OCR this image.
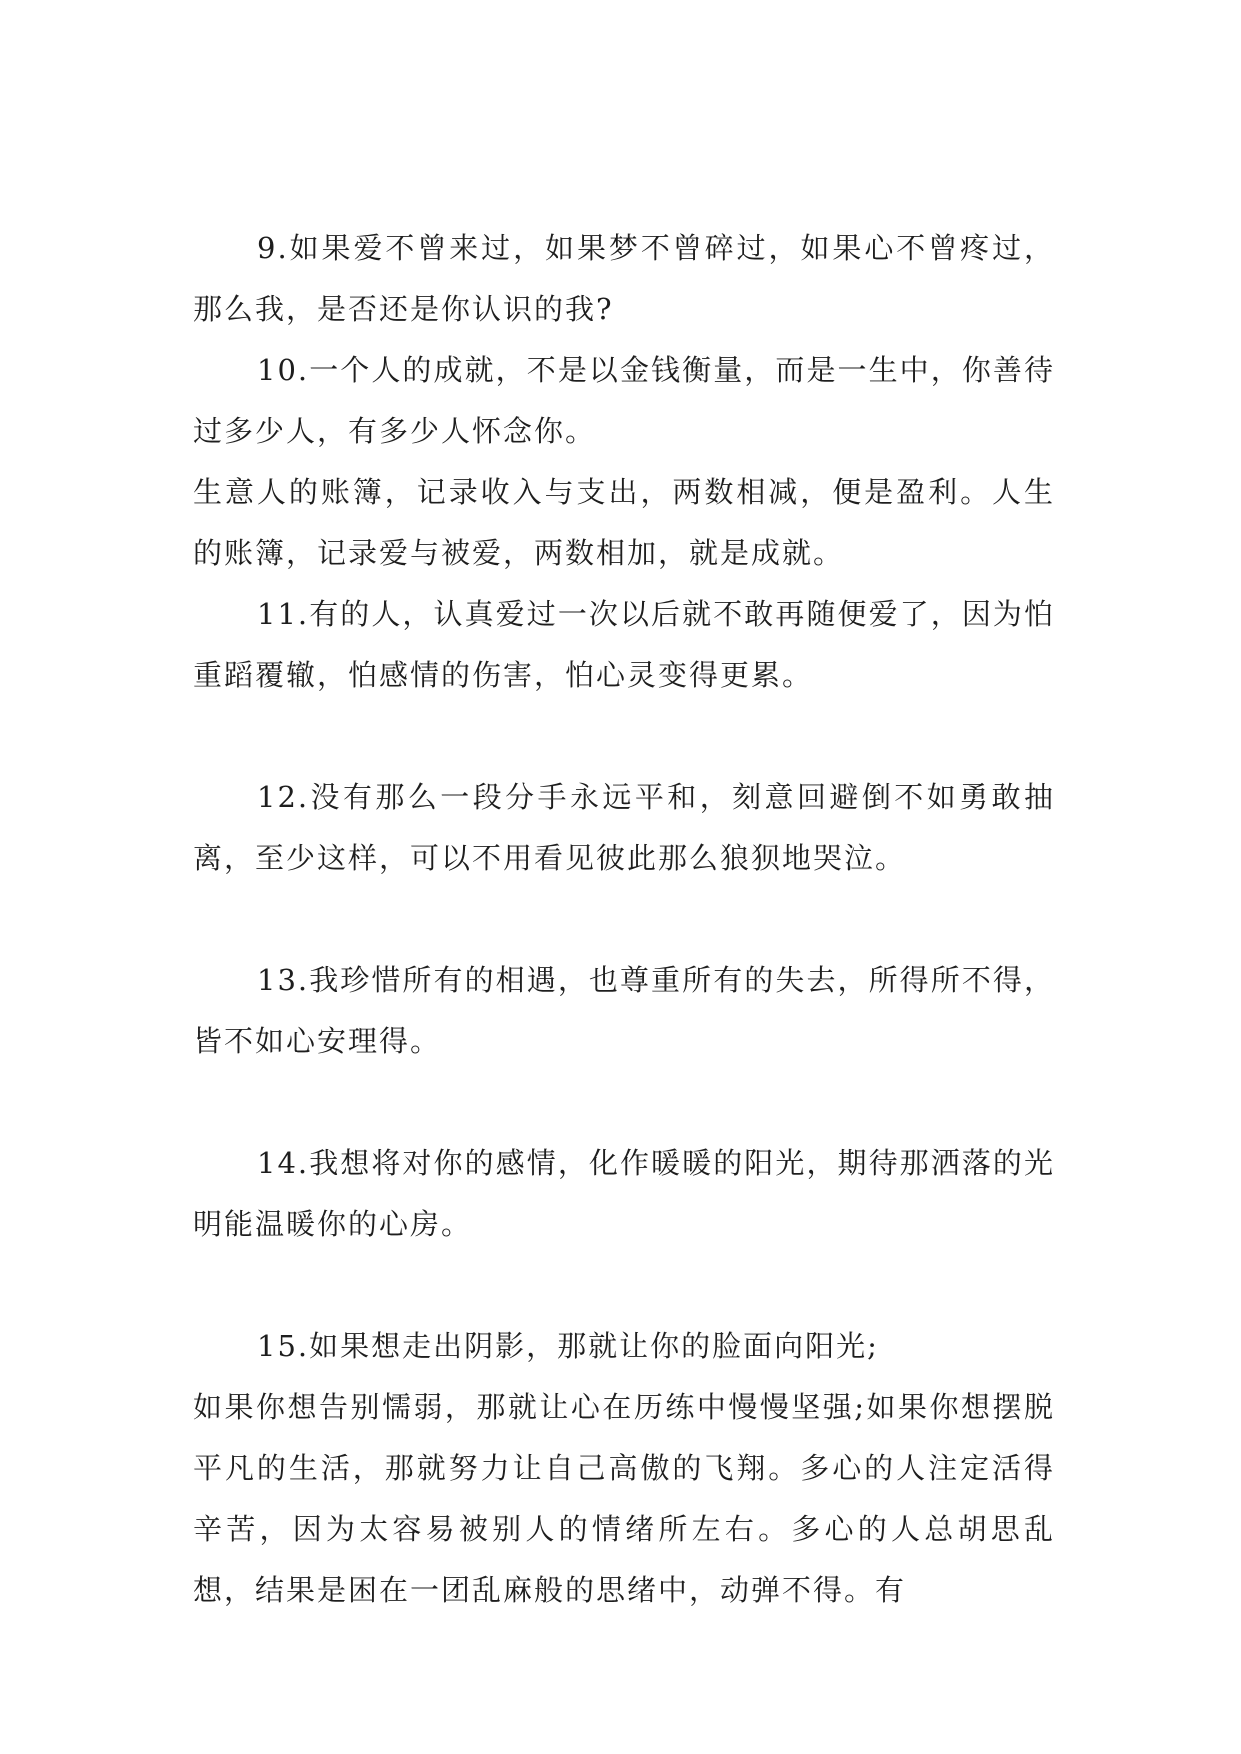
9.如果爱不曾来过，如果梦不曾碎过，如果心不曾疼过，那么我，是否还是你认识的我?

10.一个人的成就，不是以金钱衡量，而是一生中，你善待过多少人，有多少人怀念你。

生意人的账簿，记录收入与支出，两数相减，便是盈利。人生的账簿，记录爱与被爱，两数相加，就是成就。

11.有的人，认真爱过一次以后就不敢再随便爱了，因为怕重蹈覆辙，怕感情的伤害，怕心灵变得更累。

12.没有那么一段分手永远平和，刻意回避倒不如勇敢抽离，至少这样，可以不用看见彼此那么狼狈地哭泣。

13.我珍惜所有的相遇，也尊重所有的失去，所得所不得，皆不如心安理得。

14.我想将对你的感情，化作暖暖的阳光，期待那洒落的光明能温暖你的心房。

15.如果想走出阴影，那就让你的脸面向阳光;

如果你想告别懦弱，那就让心在历练中慢慢坚强;如果你想摆脱平凡的生活，那就努力让自己高傲的飞翔。多心的人注定活得辛苦，因为太容易被别人的情绪所左右。多心的人总胡思乱想，结果是困在一团乱麻般的思绪中，动弹不得。有
